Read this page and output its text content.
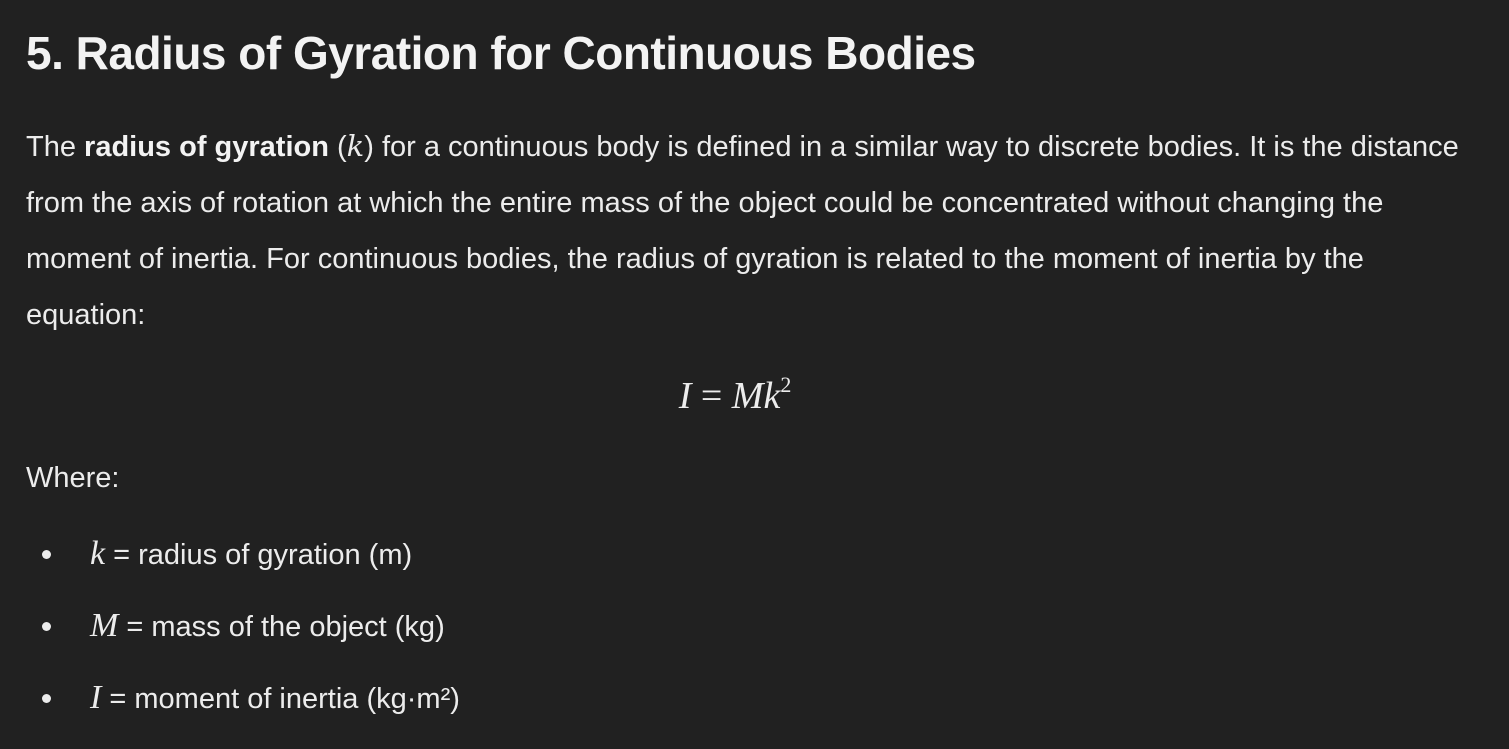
5. Radius of Gyration for Continuous Bodies

The radius of gyration (k) for a continuous body is defined in a similar way to discrete bodies. It is the distance from the axis of rotation at which the entire mass of the object could be concentrated without changing the moment of inertia. For continuous bodies, the radius of gyration is related to the moment of inertia by the equation:

$I = Mk^2$

Where:

k = radius of gyration (m)
M = mass of the object (kg)
I = moment of inertia (kg·m²)
